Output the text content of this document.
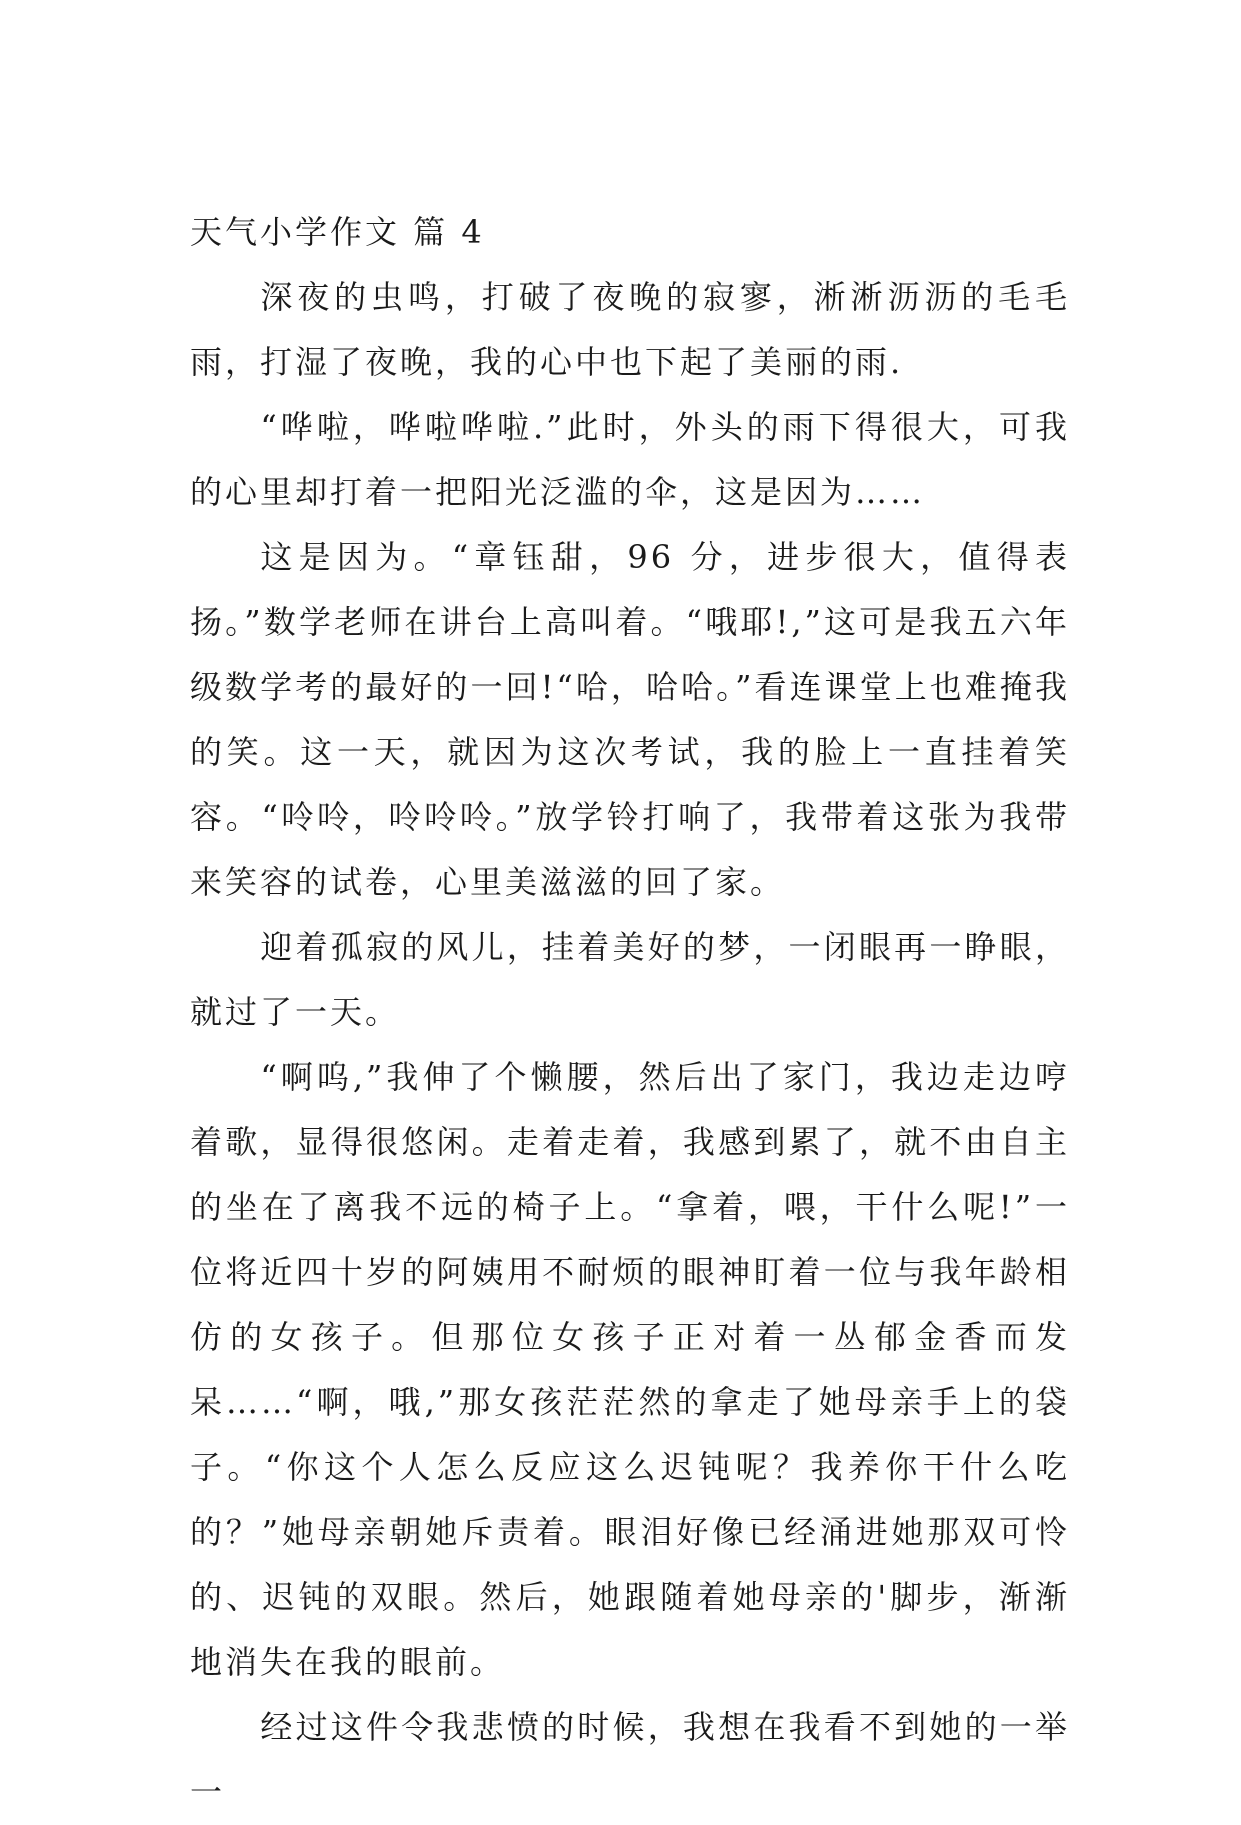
天气小学作文 篇 4

深夜的虫鸣，打破了夜晚的寂寥，淅淅沥沥的毛毛雨，打湿了夜晚，我的心中也下起了美丽的雨.

“哗啦，哗啦哗啦.”此时，外头的雨下得很大，可我的心里却打着一把阳光泛滥的伞，这是因为……

这是因为。“章钰甜，96 分，进步很大，值得表扬。”数学老师在讲台上高叫着。“哦耶!,”这可是我五六年级数学考的最好的一回!“哈，哈哈。”看连课堂上也难掩我的笑。这一天，就因为这次考试，我的脸上一直挂着笑容。“呤呤，呤呤呤。”放学铃打响了，我带着这张为我带来笑容的试卷，心里美滋滋的回了家。

迎着孤寂的风儿，挂着美好的梦，一闭眼再一睁眼，就过了一天。

“啊呜,”我伸了个懒腰，然后出了家门，我边走边哼着歌，显得很悠闲。走着走着，我感到累了，就不由自主的坐在了离我不远的椅子上。“拿着，喂，干什么呢!”一位将近四十岁的阿姨用不耐烦的眼神盯着一位与我年龄相仿的女孩子。但那位女孩子正对着一丛郁金香而发呆……“啊，哦,”那女孩茫茫然的拿走了她母亲手上的袋子。“你这个人怎么反应这么迟钝呢？我养你干什么吃的？”她母亲朝她斥责着。眼泪好像已经涌进她那双可怜的、迟钝的双眼。然后，她跟随着她母亲的'脚步，渐渐地消失在我的眼前。

经过这件令我悲愤的时候，我想在我看不到她的一举一
